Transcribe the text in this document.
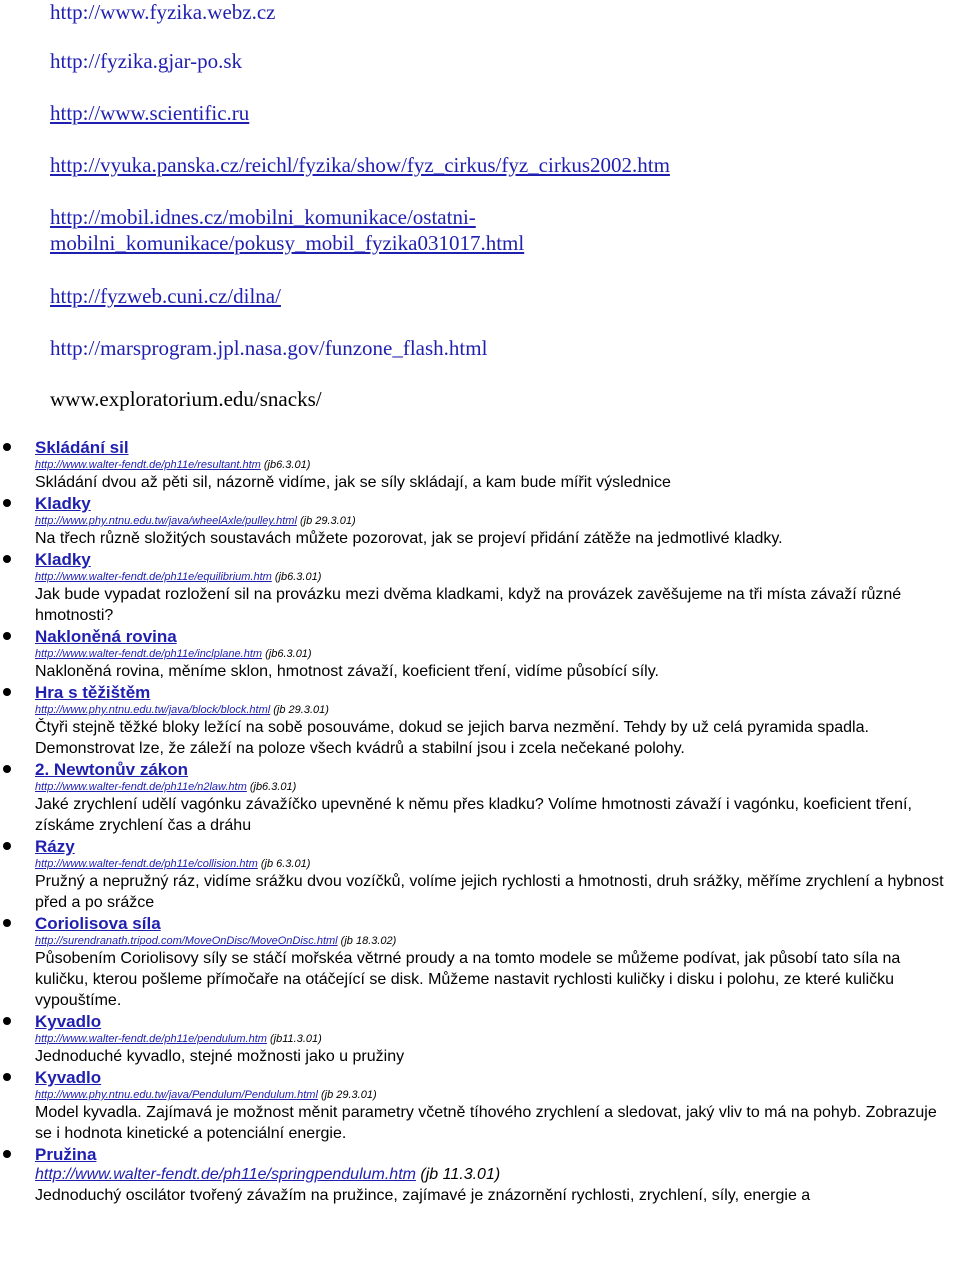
http://www.fyzika.webz.cz
http://fyzika.gjar-po.sk
http://www.scientific.ru
http://vyuka.panska.cz/reichl/fyzika/show/fyz_cirkus/fyz_cirkus2002.htm
http://mobil.idnes.cz/mobilni_komunikace/ostatni-
mobilni_komunikace/pokusy_mobil_fyzika031017.html
http://fyzweb.cuni.cz/dilna/
http://marsprogram.jpl.nasa.gov/funzone_flash.html
www.exploratorium.edu/snacks/
Skládání sil
http://www.walter-fendt.de/ph11e/resultant.htm (jb6.3.01)
Skládání dvou až pěti sil, názorně vidíme, jak se síly skládají, a kam bude mířit výslednice
Kladky
http://www.phy.ntnu.edu.tw/java/wheelAxle/pulley.html (jb 29.3.01)
Na třech různě složitých soustavách můžete pozorovat, jak se projeví přidání zátěže na jedmotlivé kladky.
Kladky
http://www.walter-fendt.de/ph11e/equilibrium.htm (jb6.3.01)
Jak bude vypadat rozložení sil na provázku mezi dvěma kladkami, když na provázek zavěšujeme na tři místa závaží různé hmotnosti?
Nakloněná rovina
http://www.walter-fendt.de/ph11e/inclplane.htm (jb6.3.01)
Nakloněná rovina, měníme sklon, hmotnost závaží, koeficient tření, vidíme působící síly.
Hra s těžištěm
http://www.phy.ntnu.edu.tw/java/block/block.html (jb 29.3.01)
Čtyři stejně těžké bloky ležící na sobě posouváme, dokud se jejich barva nezmění. Tehdy by už celá pyramida spadla. Demonstrovat lze, že záleží na poloze všech kvádrů a stabilní jsou i zcela nečekané polohy.
2. Newtonův zákon
http://www.walter-fendt.de/ph11e/n2law.htm (jb6.3.01)
Jaké zrychlení udělí vagónku závažíčko upevněné k němu přes kladku? Volíme hmotnosti závaží i vagónku, koeficient tření, získáme zrychlení čas a dráhu
Rázy
http://www.walter-fendt.de/ph11e/collision.htm (jb 6.3.01)
Pružný a nepružný ráz, vidíme srážku dvou vozíčků, volíme jejich rychlosti a hmotnosti, druh srážky, měříme zrychlení a hybnost před a po srážce
Coriolisova síla
http://surendranath.tripod.com/MoveOnDisc/MoveOnDisc.html (jb 18.3.02)
Působením Coriolisovy síly se stáčí mořskéa větrné proudy a na tomto modele se můžeme podívat, jak působí tato síla na kuličku, kterou pošleme přímočaře na otáčející se disk. Můžeme nastavit rychlosti kuličky i disku i polohu, ze které kuličku vypouštíme.
Kyvadlo
http://www.walter-fendt.de/ph11e/pendulum.htm (jb11.3.01)
Jednoduché kyvadlo, stejné možnosti jako u pružiny
Kyvadlo
http://www.phy.ntnu.edu.tw/java/Pendulum/Pendulum.html (jb 29.3.01)
Model kyvadla. Zajímavá je možnost měnit parametry včetně tíhového zrychlení a sledovat, jaký vliv to má na pohyb. Zobrazuje se i hodnota kinetické a potenciální energie.
Pružina
http://www.walter-fendt.de/ph11e/springpendulum.htm (jb 11.3.01)
Jednoduchý oscilátor tvořený závažím na pružince, zajímavé je znázornění rychlosti, zrychlení, síly, energie a
